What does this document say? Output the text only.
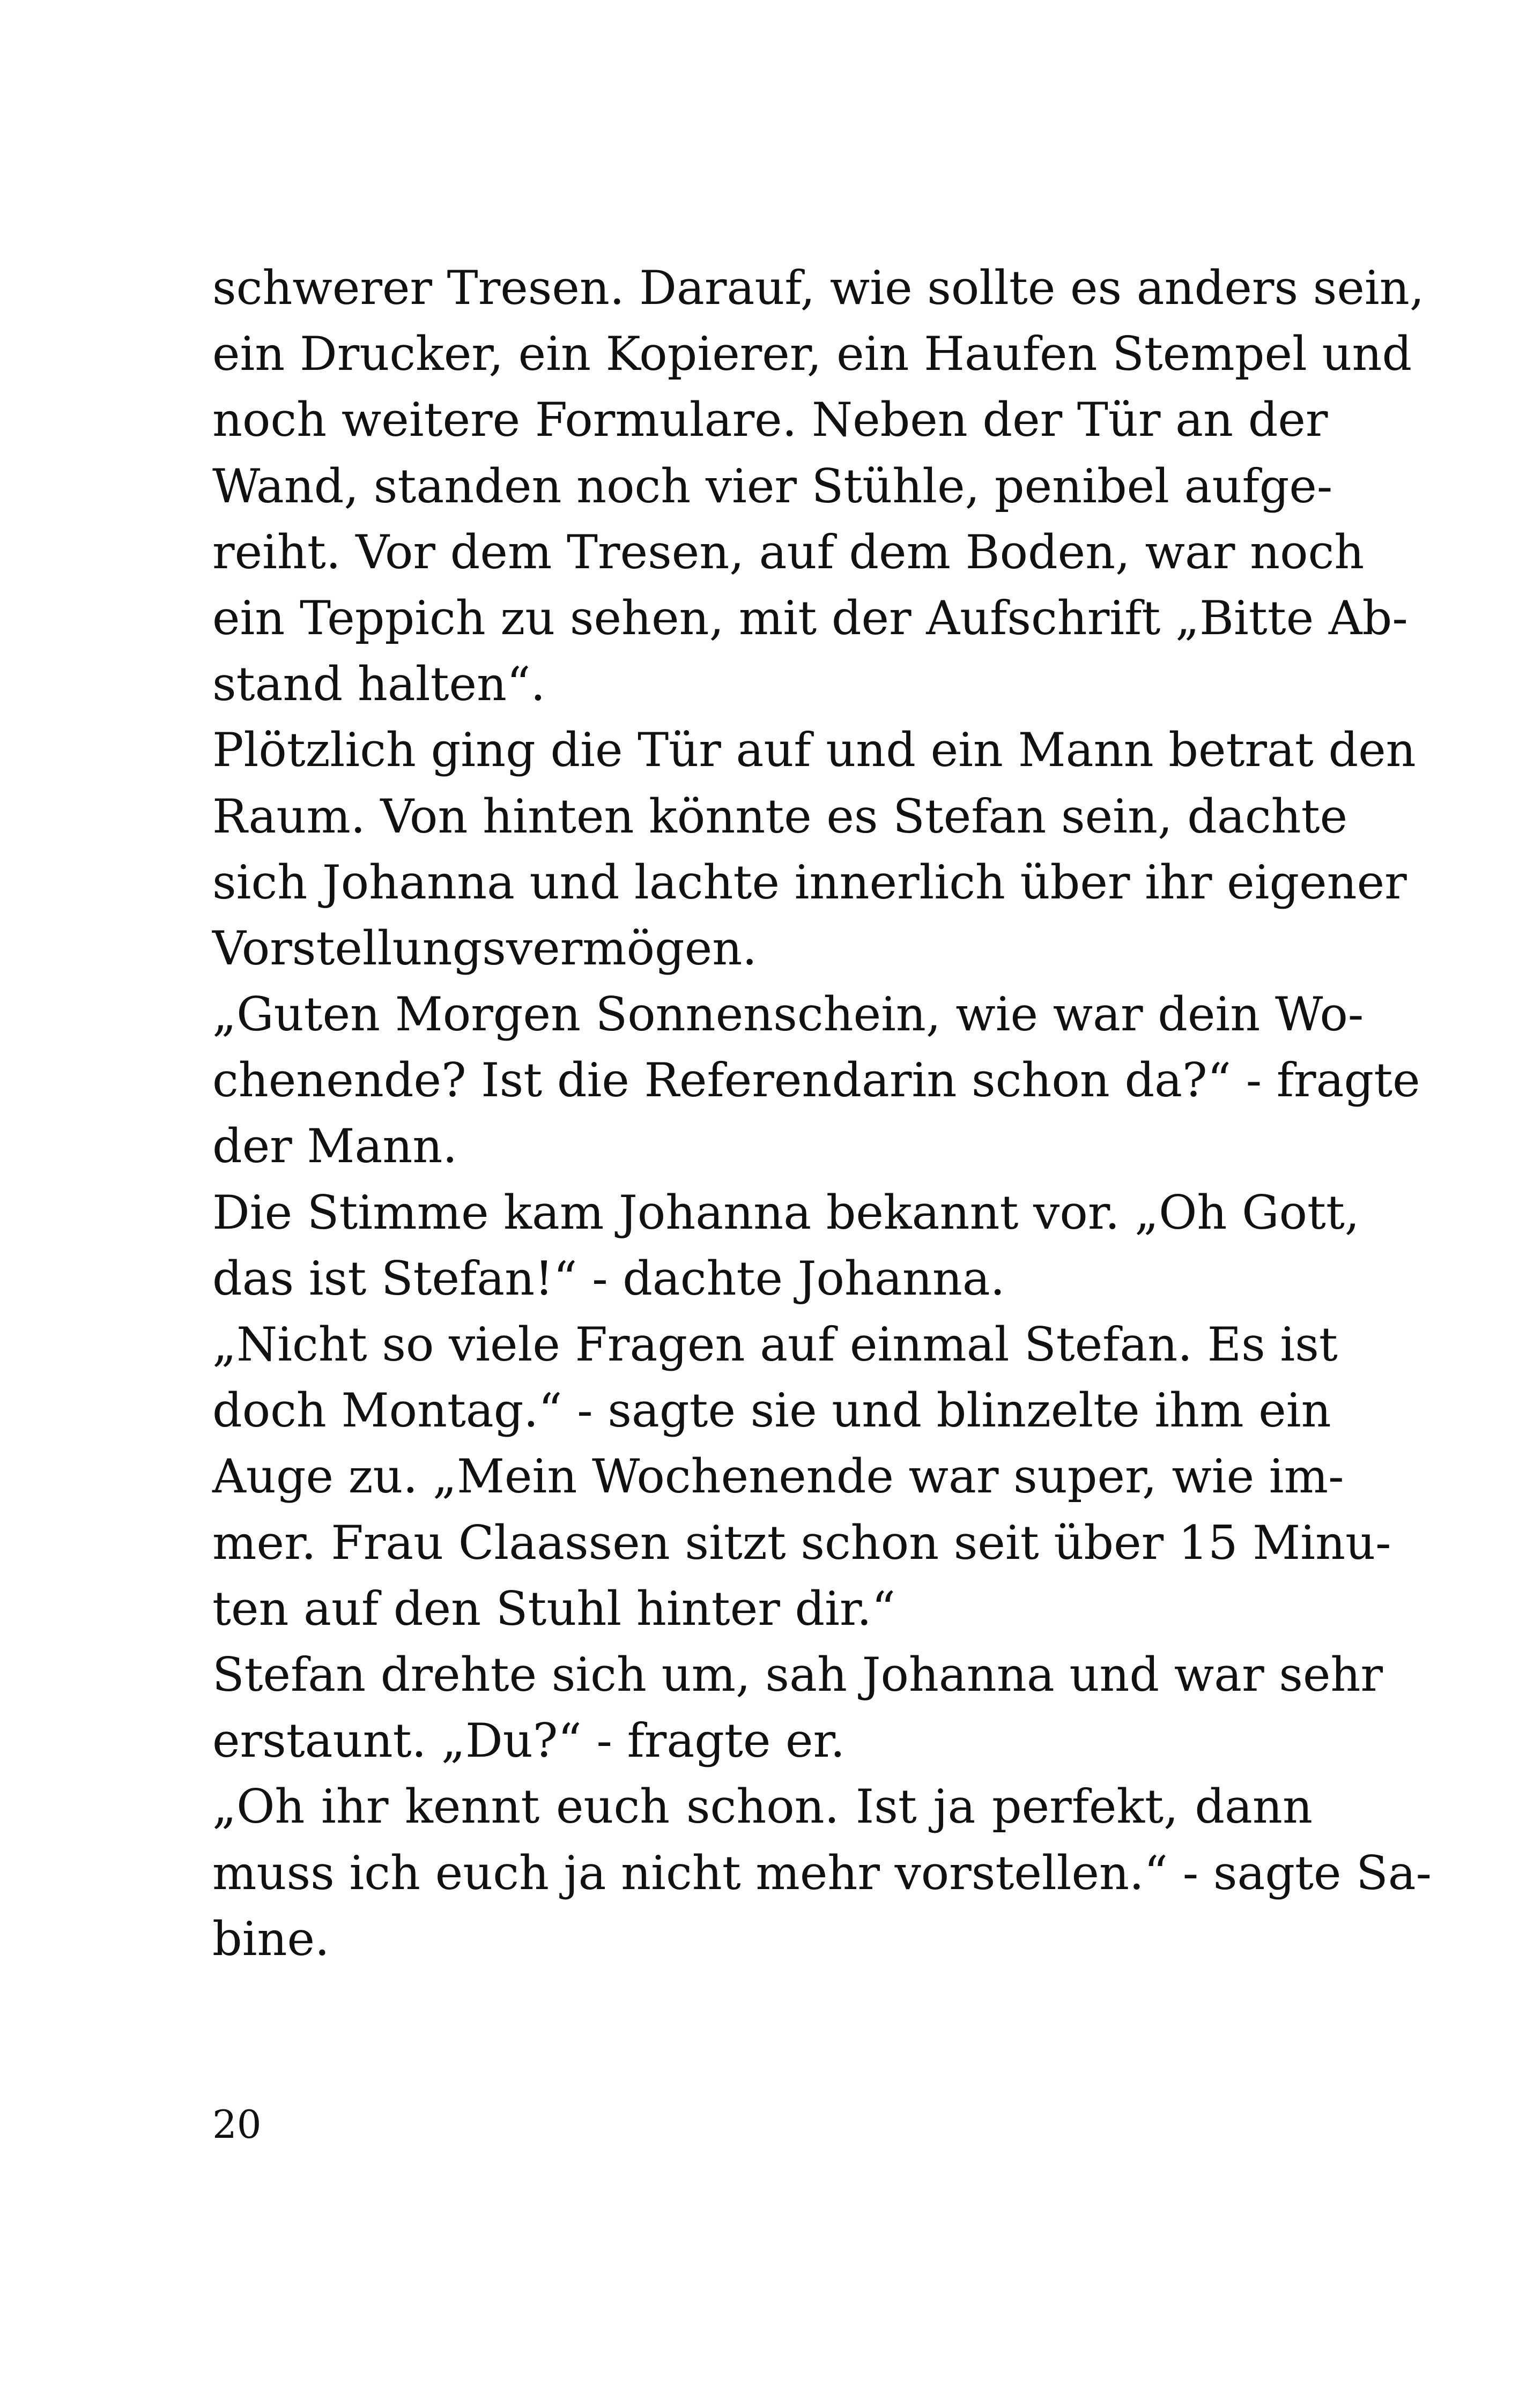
schwerer Tresen. Darauf, wie sollte es anders sein,
ein Drucker, ein Kopierer, ein Haufen Stempel und
noch weitere Formulare. Neben der Tür an der
Wand, standen noch vier Stühle, penibel aufge-
reiht. Vor dem Tresen, auf dem Boden, war noch
ein Teppich zu sehen, mit der Aufschrift „Bitte Ab-
stand halten“.
Plötzlich ging die Tür auf und ein Mann betrat den
Raum. Von hinten könnte es Stefan sein, dachte
sich Johanna und lachte innerlich über ihr eigener
Vorstellungsvermögen.
„Guten Morgen Sonnenschein, wie war dein Wo-
chenende? Ist die Referendarin schon da?“ - fragte
der Mann.
Die Stimme kam Johanna bekannt vor. „Oh Gott,
das ist Stefan!“ - dachte Johanna.
„Nicht so viele Fragen auf einmal Stefan. Es ist
doch Montag.“ - sagte sie und blinzelte ihm ein
Auge zu. „Mein Wochenende war super, wie im-
mer. Frau Claassen sitzt schon seit über 15 Minu-
ten auf den Stuhl hinter dir.“
Stefan drehte sich um, sah Johanna und war sehr
erstaunt. „Du?“ - fragte er.
„Oh ihr kennt euch schon. Ist ja perfekt, dann
muss ich euch ja nicht mehr vorstellen.“ - sagte Sa-
bine.
20
